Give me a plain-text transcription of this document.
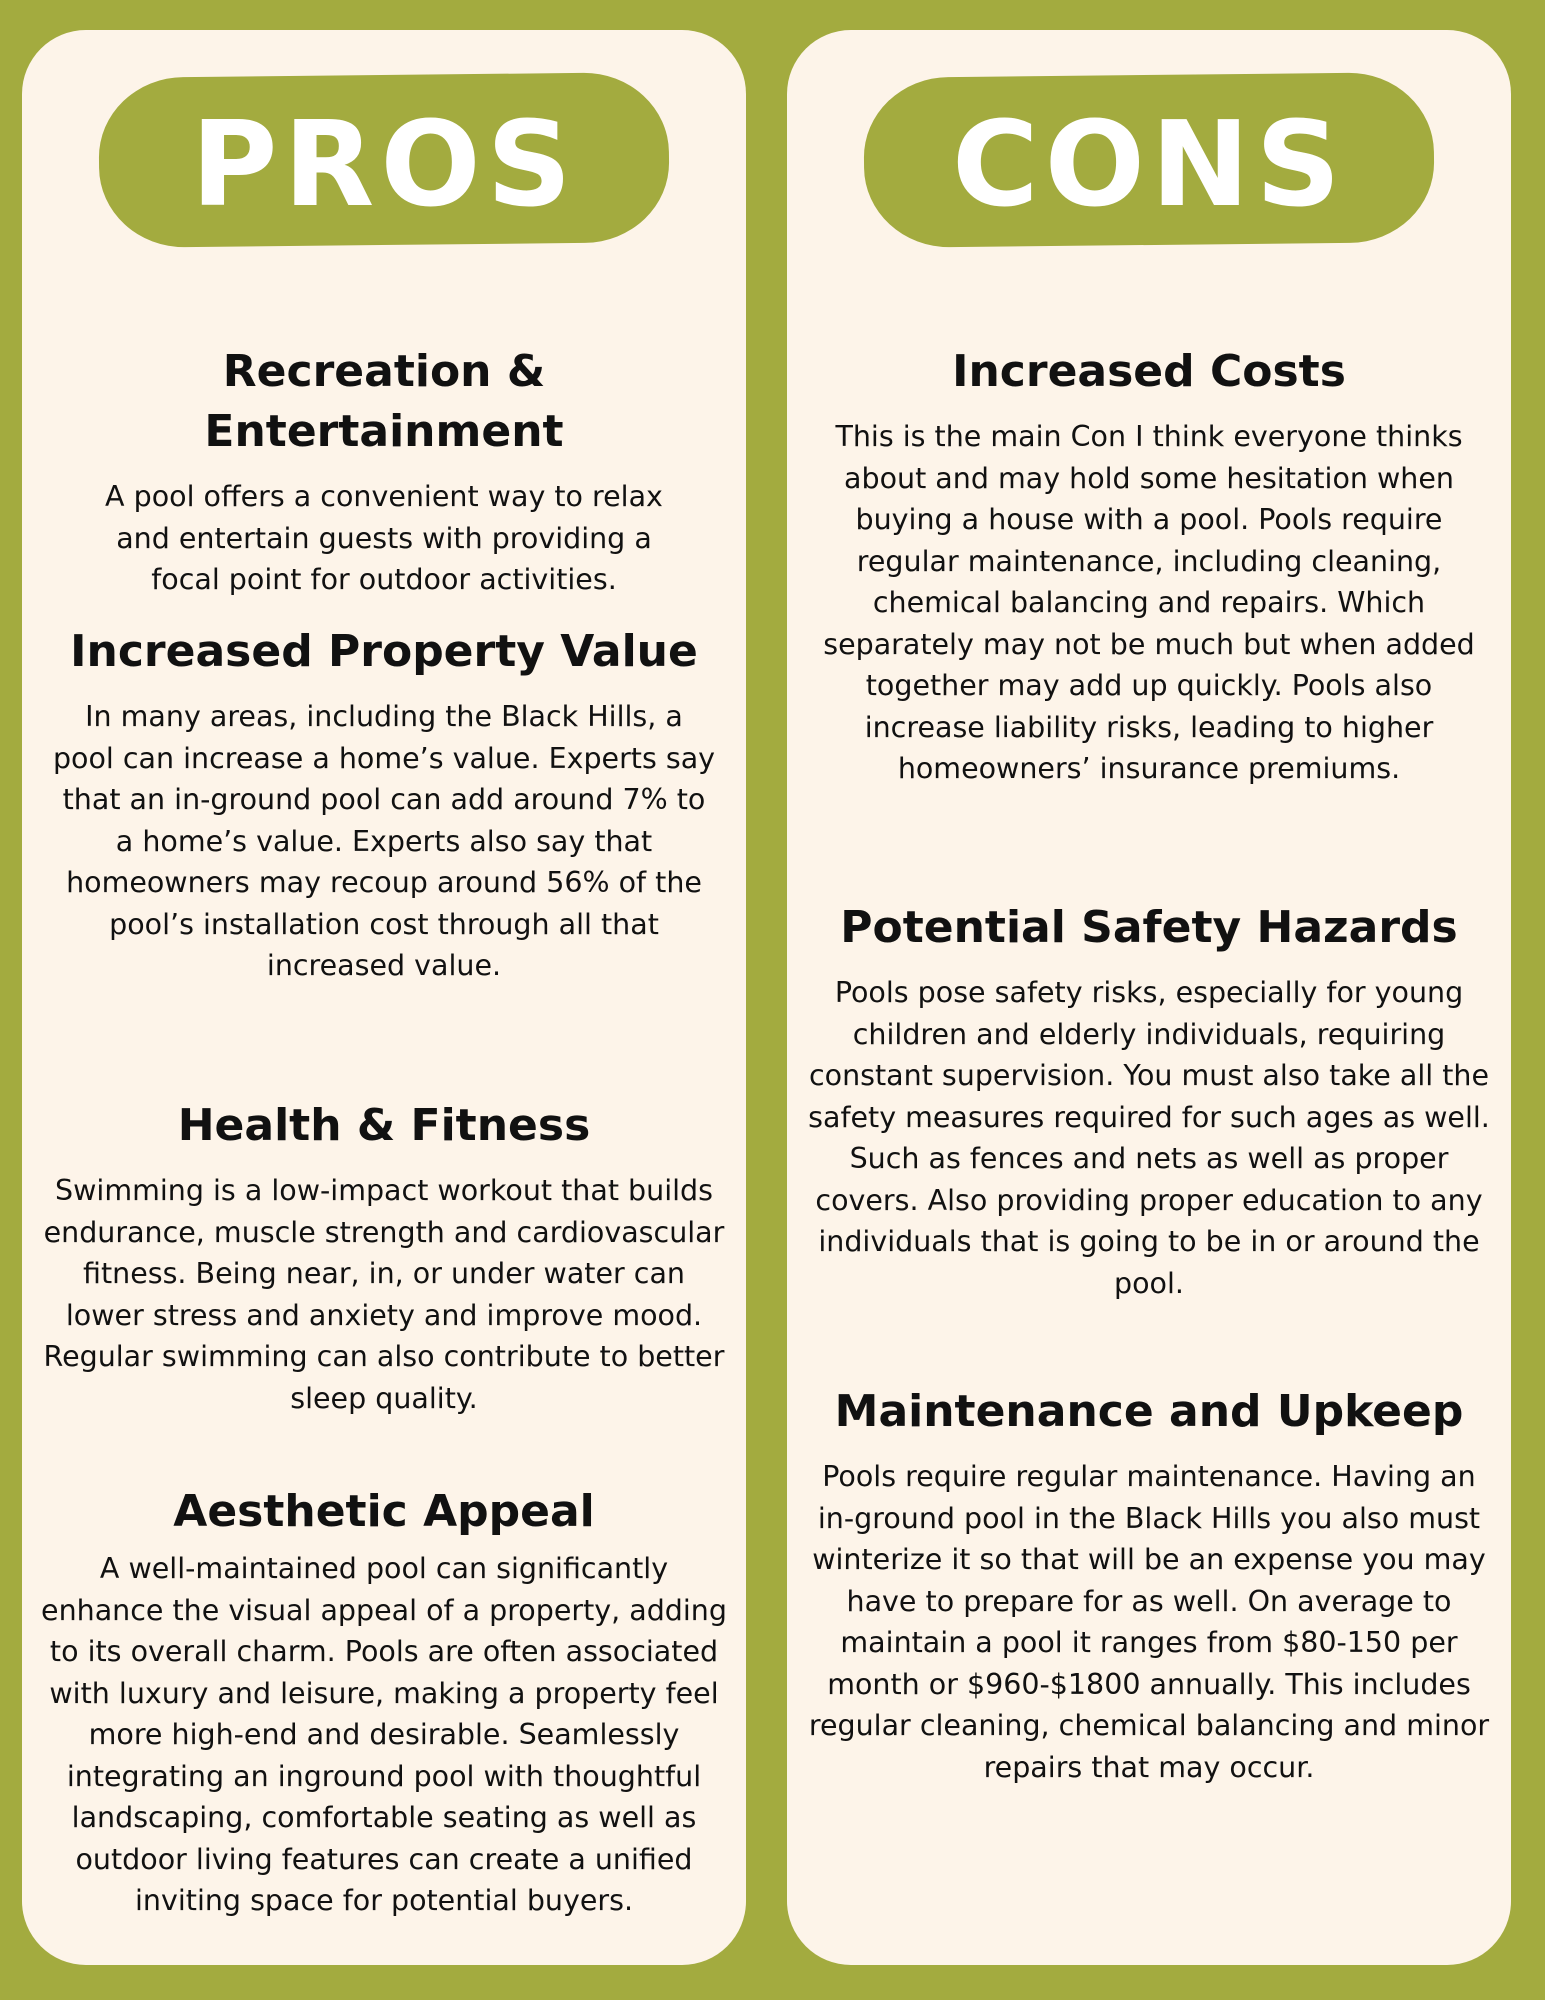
PROS
Recreation & Entertainment

A pool offers a convenient way to relax and entertain guests with providing a focal point for outdoor activities.

Increased Property Value

In many areas, including the Black Hills, a pool can increase a home’s value. Experts say that an in-ground pool can add around 7% to a home’s value. Experts also say that homeowners may recoup around 56% of the pool’s installation cost through all that increased value.

Health & Fitness

Swimming is a low-impact workout that builds endurance, muscle strength and cardiovascular fitness. Being near, in, or under water can lower stress and anxiety and improve mood. Regular swimming can also contribute to better sleep quality.

Aesthetic Appeal

A well-maintained pool can significantly enhance the visual appeal of a property, adding to its overall charm. Pools are often associated with luxury and leisure, making a property feel more high-end and desirable. Seamlessly integrating an inground pool with thoughtful landscaping, comfortable seating as well as outdoor living features can create a unified inviting space for potential buyers.

CONS
Increased Costs

This is the main Con I think everyone thinks about and may hold some hesitation when buying a house with a pool. Pools require regular maintenance, including cleaning, chemical balancing and repairs. Which separately may not be much but when added together may add up quickly. Pools also increase liability risks, leading to higher homeowners’ insurance premiums.

Potential Safety Hazards

Pools pose safety risks, especially for young children and elderly individuals, requiring constant supervision. You must also take all the safety measures required for such ages as well. Such as fences and nets as well as proper covers. Also providing proper education to any individuals that is going to be in or around the pool.

Maintenance and Upkeep

Pools require regular maintenance. Having an in-ground pool in the Black Hills you also must winterize it so that will be an expense you may have to prepare for as well. On average to maintain a pool it ranges from $80-150 per month or $960-$1800 annually. This includes regular cleaning, chemical balancing and minor repairs that may occur.
